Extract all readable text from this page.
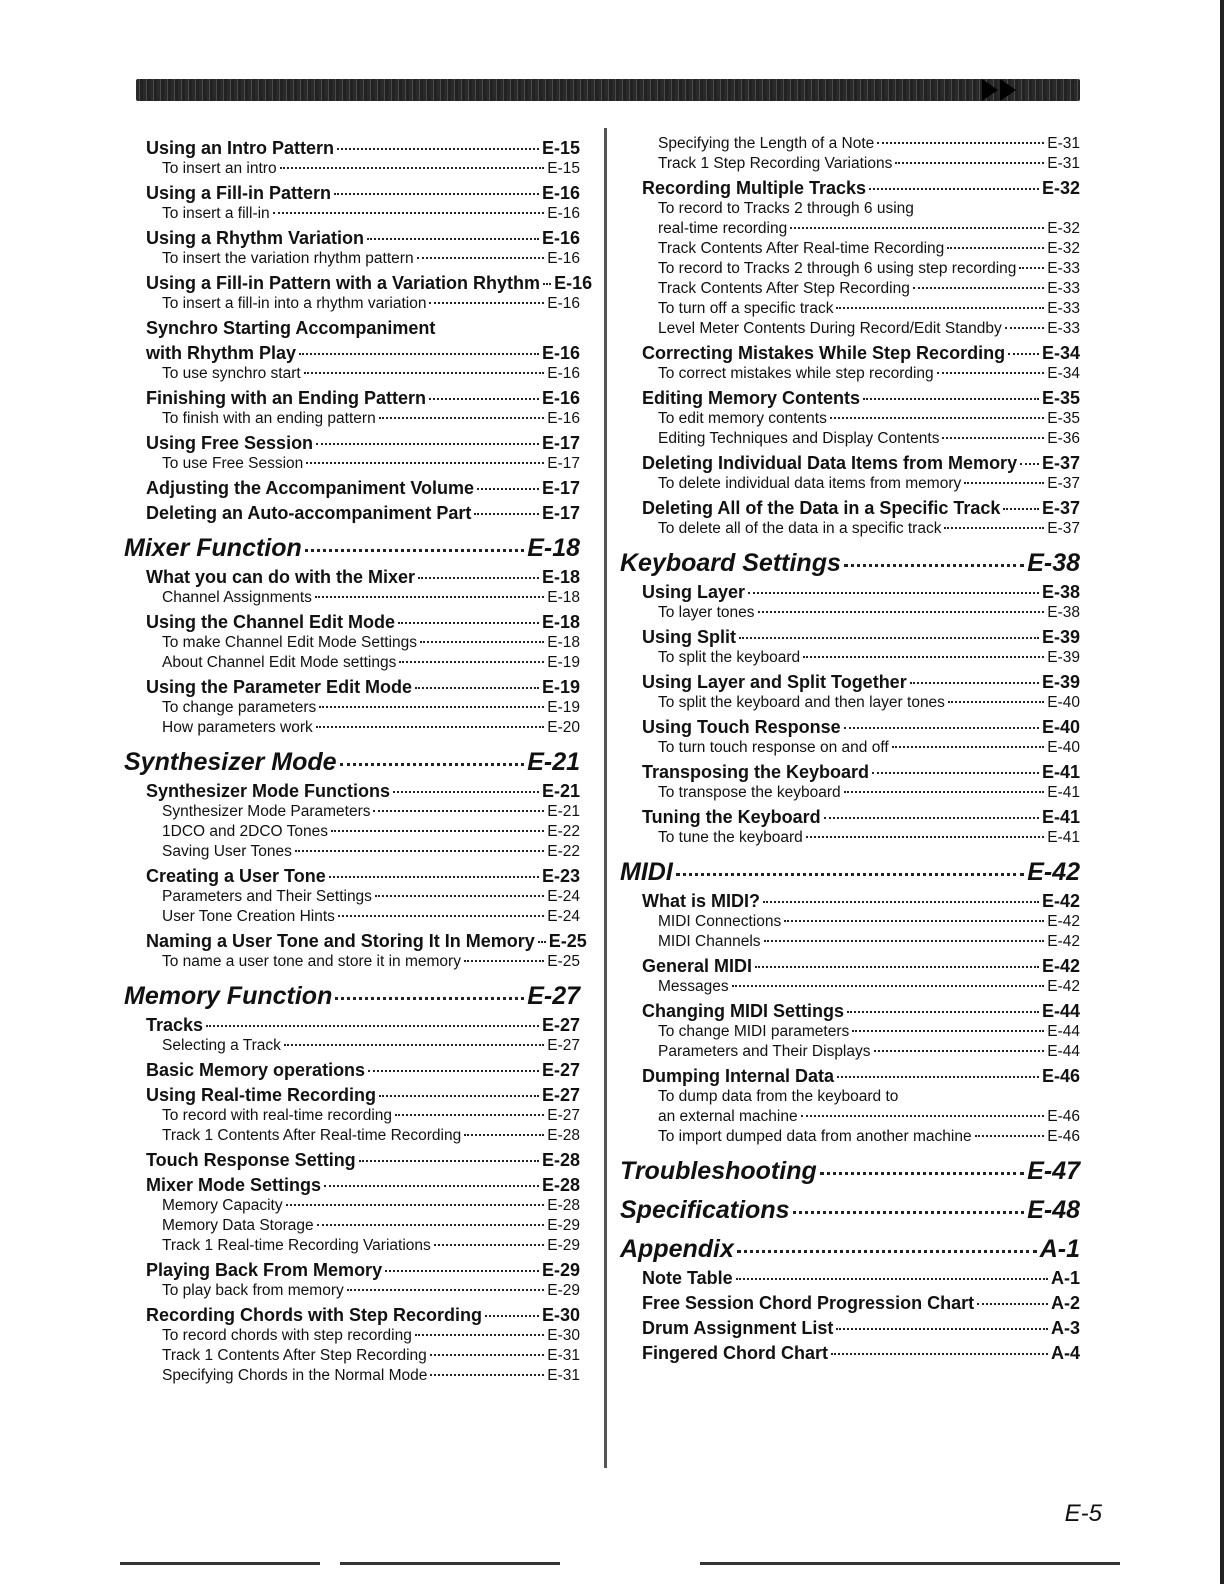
Using an Intro Pattern	E-15
To insert an intro	E-15
Using a Fill-in Pattern	E-16
To insert a fill-in	E-16
Using a Rhythm Variation	E-16
To insert the variation rhythm pattern	E-16
Using a Fill-in Pattern with a Variation Rhythm E-16
To insert a fill-in into a rhythm variation	E-16
Synchro Starting Accompaniment
with Rhythm Play	E-16
To use synchro start	E-16
Finishing with an Ending Pattern	E-16
To finish with an ending pattern	E-16
Using Free Session	E-17
To use Free Session	E-17
Adjusting the Accompaniment Volume	E-17
Deleting an Auto-accompaniment Part	E-17
Mixer Function	E-18
What you can do with the Mixer	E-18
Channel Assignments	E-18
Using the Channel Edit Mode	E-18
To make Channel Edit Mode Settings	E-18
About Channel Edit Mode settings	E-19
Using the Parameter Edit Mode	E-19
To change parameters	E-19
How parameters work	E-20
Synthesizer Mode	E-21
Synthesizer Mode Functions	E-21
Synthesizer Mode Parameters	E-21
1DCO and 2DCO Tones	E-22
Saving User Tones	E-22
Creating a User Tone	E-23
Parameters and Their Settings	E-24
User Tone Creation Hints	E-24
Naming a User Tone and Storing It In Memory E-25
To name a user tone and store it in memory	E-25
Memory Function	E-27
Tracks	E-27
Selecting a Track	E-27
Basic Memory operations	E-27
Using Real-time Recording	E-27
To record with real-time recording	E-27
Track 1 Contents After Real-time Recording	E-28
Touch Response Setting	E-28
Mixer Mode Settings	E-28
Memory Capacity	E-28
Memory Data Storage	E-29
Track 1 Real-time Recording Variations	E-29
Playing Back From Memory	E-29
To play back from memory	E-29
Recording Chords with Step Recording	E-30
To record chords with step recording	E-30
Track 1 Contents After Step Recording	E-31
Specifying Chords in the Normal Mode	E-31
Specifying the Length of a Note	E-31
Track 1 Step Recording Variations	E-31
Recording Multiple Tracks	E-32
To record to Tracks 2 through 6 using
real-time recording	E-32
Track Contents After Real-time Recording	E-32
To record to Tracks 2 through 6 using step recording E-33
Track Contents After Step Recording	E-33
To turn off a specific track	E-33
Level Meter Contents During Record/Edit Standby	E-33
Correcting Mistakes While Step Recording E-34
To correct mistakes while step recording	E-34
Editing Memory Contents	E-35
To edit memory contents	E-35
Editing Techniques and Display Contents	E-36
Deleting Individual Data Items from Memory E-37
To delete individual data items from memory	E-37
Deleting All of the Data in a Specific Track E-37
To delete all of the data in a specific track	E-37
Keyboard Settings	E-38
Using Layer	E-38
To layer tones	E-38
Using Split	E-39
To split the keyboard	E-39
Using Layer and Split Together	E-39
To split the keyboard and then layer tones	E-40
Using Touch Response	E-40
To turn touch response on and off	E-40
Transposing the Keyboard	E-41
To transpose the keyboard	E-41
Tuning the Keyboard	E-41
To tune the keyboard	E-41
MIDI	E-42
What is MIDI?	E-42
MIDI Connections	E-42
MIDI Channels	E-42
General MIDI	E-42
Messages	E-42
Changing MIDI Settings	E-44
To change MIDI parameters	E-44
Parameters and Their Displays	E-44
Dumping Internal Data	E-46
To dump data from the keyboard to
an external machine	E-46
To import dumped data from another machine	E-46
Troubleshooting	E-47
Specifications	E-48
Appendix	A-1
Note Table	A-1
Free Session Chord Progression Chart	A-2
Drum Assignment List	A-3
Fingered Chord Chart	A-4
E-5
